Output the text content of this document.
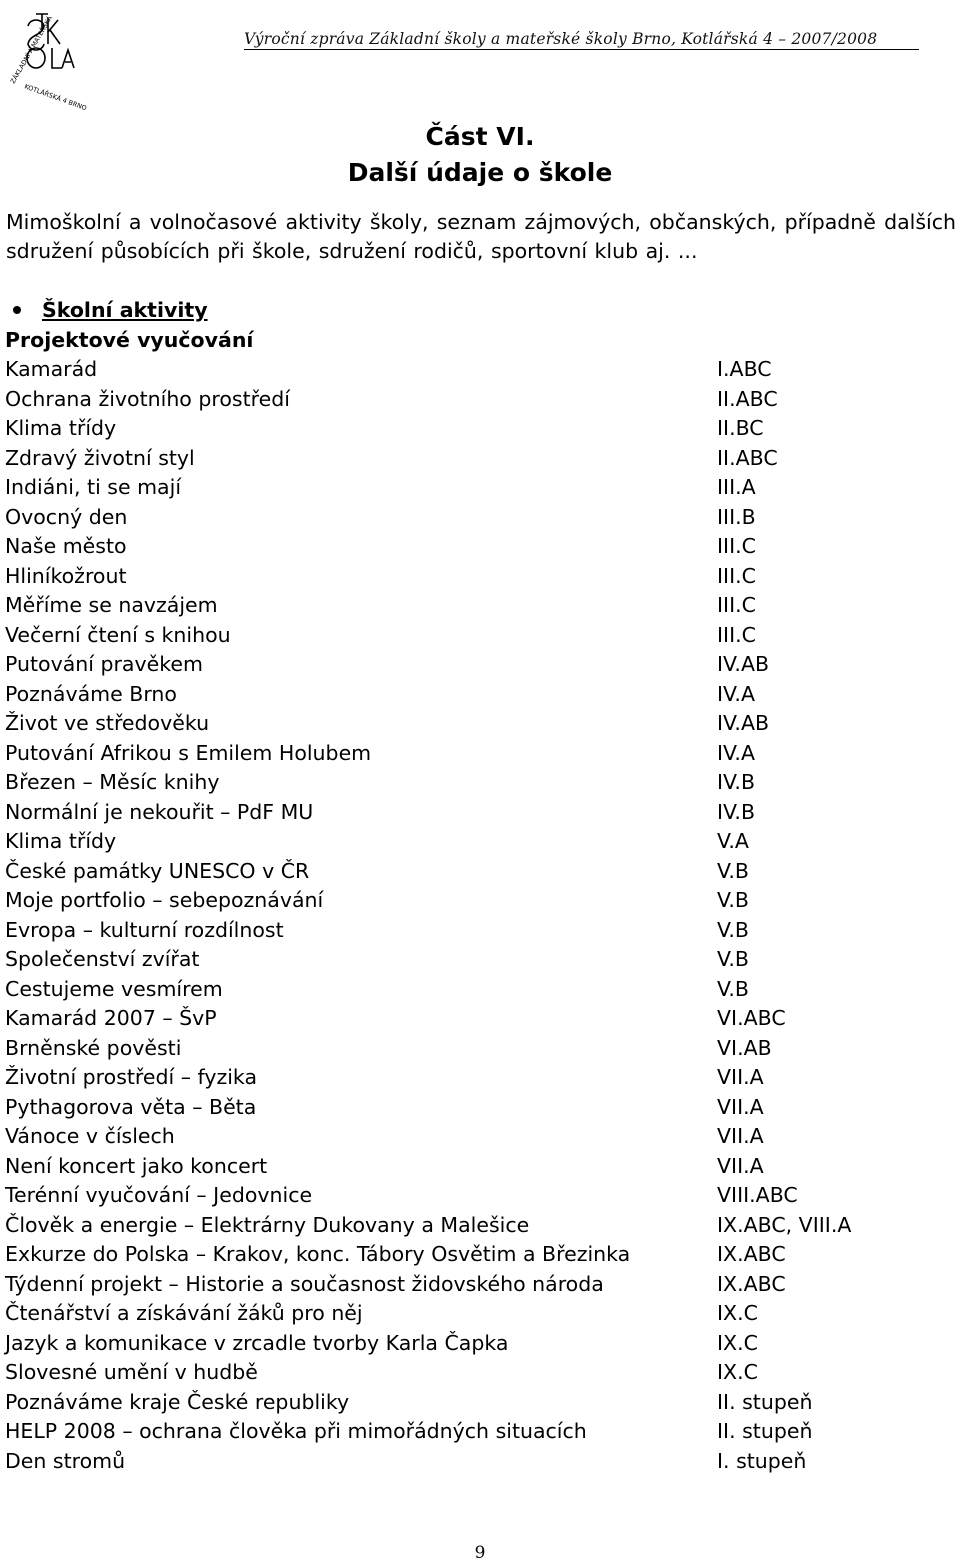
ZÁKLADNÍ A MATEŘSKÁ
KOTLÁŘSKÁ 4 BRNO
Výroční zpráva Základní školy a mateřské školy Brno, Kotlářská 4 – 2007/2008
Část VI.
Další údaje o škole
Mimoškolní a volnočasové aktivity školy, seznam zájmových, občanských, případně dalších sdružení působících při škole, sdružení rodičů, sportovní klub aj. ...
Školní aktivity
Projektové vyučování
Kamarád	I.ABC
Ochrana životního prostředí	II.ABC
Klima třídy	II.BC
Zdravý životní styl	II.ABC
Indiáni, ti se mají	III.A
Ovocný den	III.B
Naše město	III.C
Hliníkožrout	III.C
Měříme se navzájem	III.C
Večerní čtení s knihou	III.C
Putování pravěkem	IV.AB
Poznáváme Brno	IV.A
Život ve středověku	IV.AB
Putování Afrikou s Emilem Holubem	IV.A
Březen – Měsíc knihy	IV.B
Normální je nekouřit – PdF MU	IV.B
Klima třídy	V.A
České památky UNESCO v ČR	V.B
Moje portfolio – sebepoznávání	V.B
Evropa – kulturní rozdílnost	V.B
Společenství zvířat	V.B
Cestujeme vesmírem	V.B
Kamarád 2007 – ŠvP	VI.ABC
Brněnské pověsti	VI.AB
Životní prostředí – fyzika	VII.A
Pythagorova věta – Běta	VII.A
Vánoce v číslech	VII.A
Není koncert jako koncert	VII.A
Terénní vyučování – Jedovnice	VIII.ABC
Člověk a energie – Elektrárny Dukovany a Malešice	IX.ABC, VIII.A
Exkurze do Polska – Krakov, konc. Tábory Osvětim a Březinka	IX.ABC
Týdenní projekt – Historie a současnost židovského národa	IX.ABC
Čtenářství a získávání žáků pro něj	IX.C
Jazyk a komunikace v zrcadle tvorby Karla Čapka	IX.C
Slovesné umění v hudbě	IX.C
Poznáváme kraje České republiky	II. stupeň
HELP 2008 – ochrana člověka při mimořádných situacích	II. stupeň
Den stromů	I. stupeň
9
